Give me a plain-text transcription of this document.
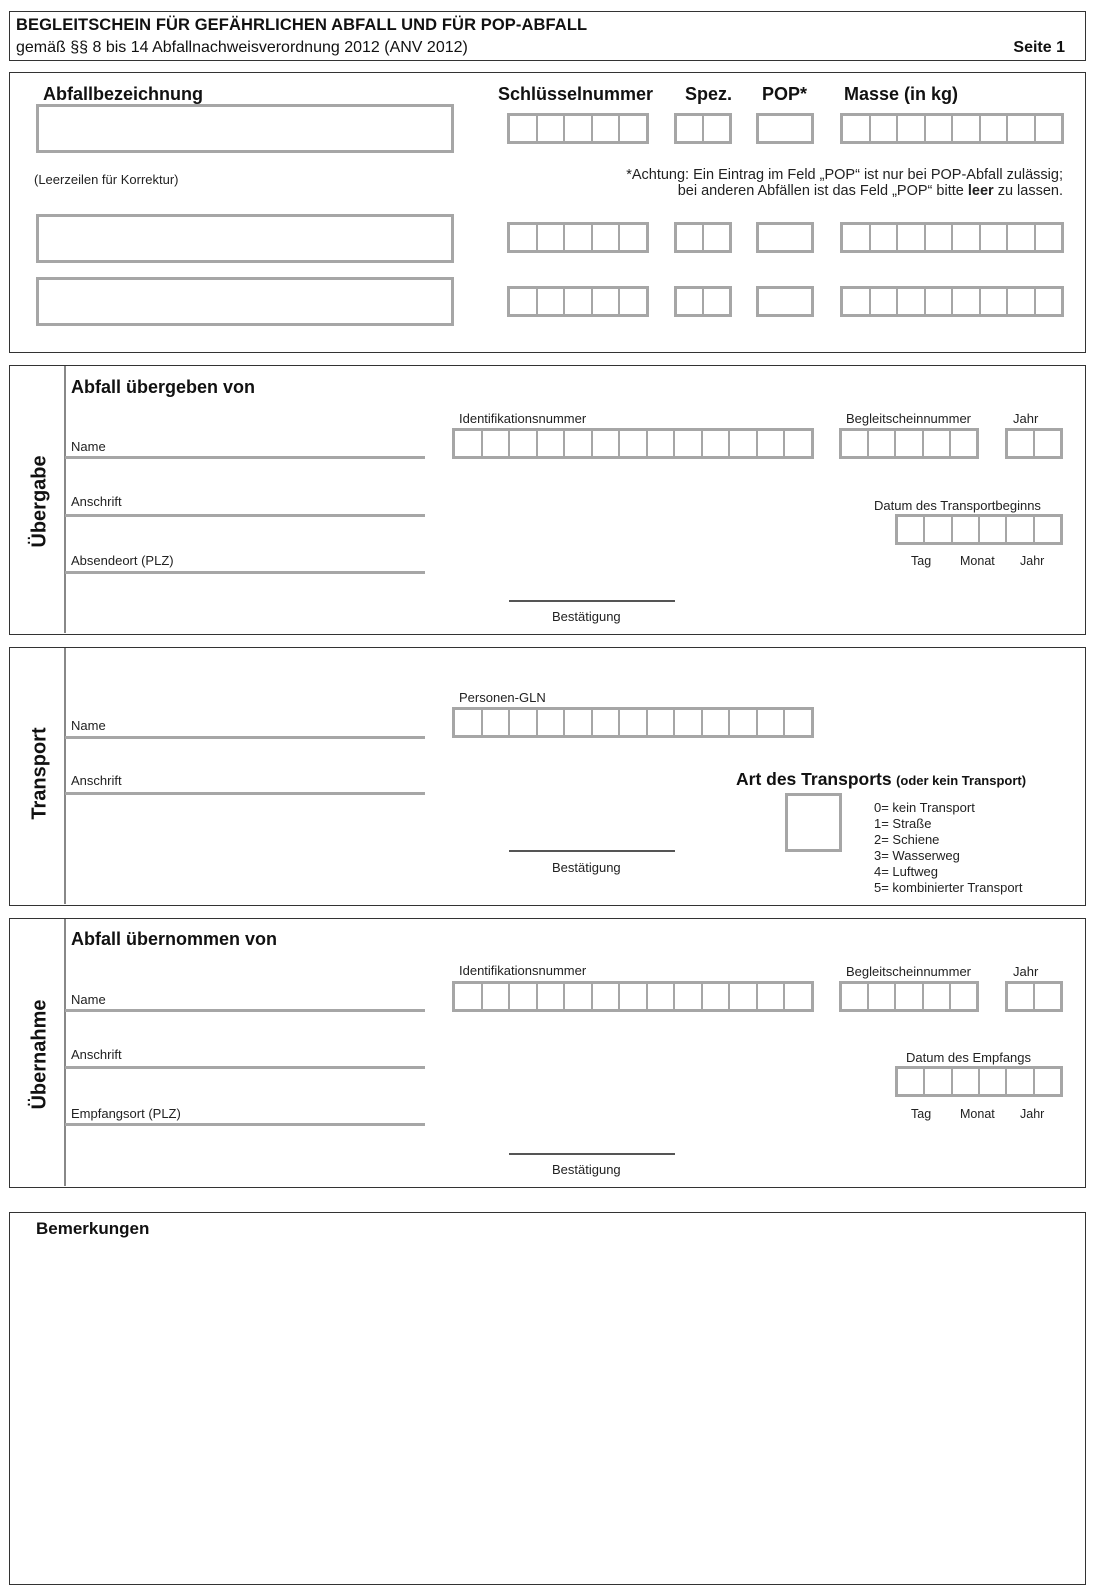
BEGLEITSCHEIN FÜR GEFÄHRLICHEN ABFALL UND FÜR POP-ABFALL
gemäß §§ 8 bis 14 Abfallnachweisverordnung 2012 (ANV 2012)	Seite 1
Abfallbezeichnung	Schlüsselnummer Spez. POP* Masse (in kg)
(Leerzeilen für Korrektur)	*Achtung: Ein Eintrag im Feld „POP“ ist nur bei POP-Abfall zulässig;
bei anderen Abfällen ist das Feld „POP“ bitte leer zu lassen.
Übergabe
Abfall übergeben von
Name
Anschrift
Absendeort (PLZ)
Identifikationsnummer	Begleitscheinnummer	Jahr
Datum des Transportbeginns
Tag Monat Jahr
Bestätigung
Transport
Name
Anschrift
Personen-GLN
Bestätigung
Art des Transports (oder kein Transport)
0= kein Transport
1= Straße
2= Schiene
3= Wasserweg
4= Luftweg
5= kombinierter Transport
Übernahme
Abfall übernommen von
Name
Anschrift
Empfangsort (PLZ)
Identifikationsnummer	Begleitscheinnummer	Jahr
Datum des Empfangs
Tag Monat Jahr
Bestätigung
Bemerkungen
